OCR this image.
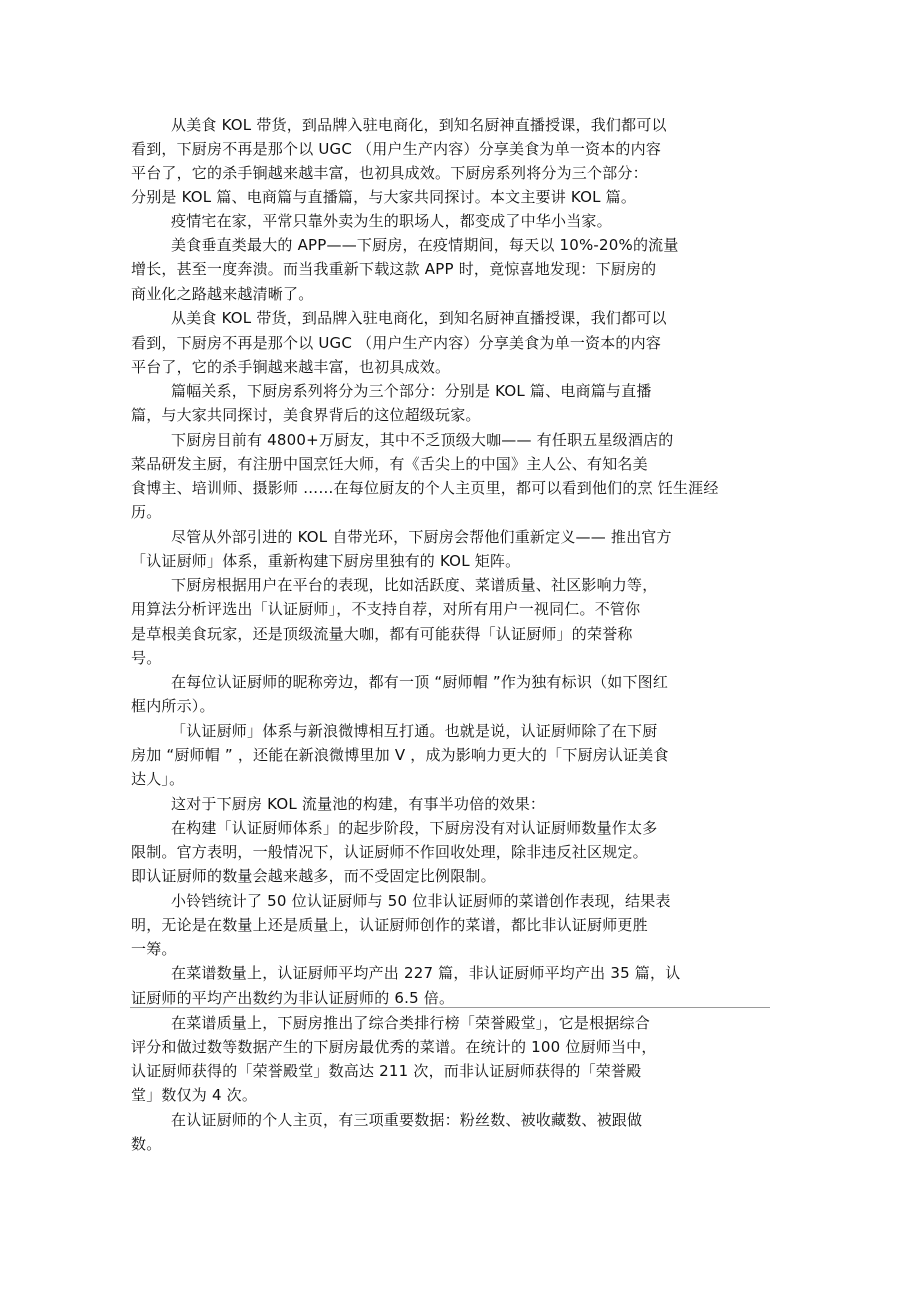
从美食 KOL 带货，到品牌入驻电商化，到知名厨神直播授课，我们都可以
看到，下厨房不再是那个以 UGC （用户生产内容）分享美食为单一资本的内容
平台了，它的杀手锏越来越丰富，也初具成效。下厨房系列将分为三个部分：
分别是 KOL 篇、电商篇与直播篇，与大家共同探讨。本文主要讲 KOL 篇。
疫情宅在家，平常只靠外卖为生的职场人，都变成了中华小当家。
美食垂直类最大的 APP——下厨房，在疫情期间，每天以 10%-20%的流量
增长，甚至一度奔溃。而当我重新下载这款 APP 时，竟惊喜地发现：下厨房的
商业化之路越来越清晰了。
从美食 KOL 带货，到品牌入驻电商化，到知名厨神直播授课，我们都可以
看到，下厨房不再是那个以 UGC （用户生产内容）分享美食为单一资本的内容
平台了，它的杀手锏越来越丰富，也初具成效。
篇幅关系，下厨房系列将分为三个部分：分别是 KOL 篇、电商篇与直播
篇，与大家共同探讨，美食界背后的这位超级玩家。
下厨房目前有 4800+万厨友，其中不乏顶级大咖—— 有任职五星级酒店的
菜品研发主厨，有注册中国烹饪大师，有《舌尖上的中国》主人公、有知名美
食博主、培训师、摄影师 ……在每位厨友的个人主页里，都可以看到他们的烹 饪生涯经
历。
尽管从外部引进的 KOL 自带光环，下厨房会帮他们重新定义—— 推出官方
「认证厨师」体系，重新构建下厨房里独有的 KOL 矩阵。
下厨房根据用户在平台的表现，比如活跃度、菜谱质量、社区影响力等，
用算法分析评选出「认证厨师」，不支持自荐，对所有用户一视同仁。不管你
是草根美食玩家，还是顶级流量大咖，都有可能获得「认证厨师」的荣誉称
号。
在每位认证厨师的昵称旁边，都有一顶 “厨师帽 ”作为独有标识（如下图红
框内所示）。
「认证厨师」体系与新浪微博相互打通。也就是说，认证厨师除了在下厨
房加 “厨师帽 ” ，还能在新浪微博里加 V ，成为影响力更大的「下厨房认证美食
达人」。
这对于下厨房 KOL 流量池的构建，有事半功倍的效果：
在构建「认证厨师体系」的起步阶段，下厨房没有对认证厨师数量作太多
限制。官方表明，一般情况下，认证厨师不作回收处理，除非违反社区规定。
即认证厨师的数量会越来越多，而不受固定比例限制。
小铃铛统计了 50 位认证厨师与 50 位非认证厨师的菜谱创作表现，结果表
明，无论是在数量上还是质量上，认证厨师创作的菜谱，都比非认证厨师更胜
一筹。
在菜谱数量上，认证厨师平均产出 227 篇，非认证厨师平均产出 35 篇，认
证厨师的平均产出数约为非认证厨师的 6.5 倍。
在菜谱质量上，下厨房推出了综合类排行榜「荣誉殿堂」，它是根据综合
评分和做过数等数据产生的下厨房最优秀的菜谱。在统计的 100 位厨师当中，
认证厨师获得的「荣誉殿堂」数高达 211 次，而非认证厨师获得的「荣誉殿
堂」数仅为 4 次。
在认证厨师的个人主页，有三项重要数据：粉丝数、被收藏数、被跟做
数。
